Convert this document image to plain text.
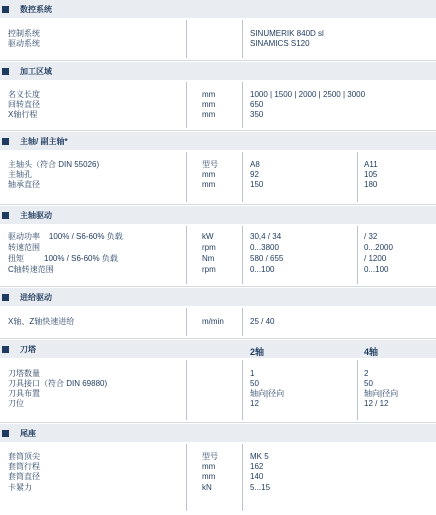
数控系统
控制系统	SINUMERIK 840D sl
驱动系统	SINAMICS S120
加工区域
名义长度	mm	1000 | 1500 | 2000 | 2500 | 3000
回转直径	mm	650
X轴行程	mm	350
主轴/ 副主轴*
主轴头（符合 DIN 55026)	型号	A8	A11
主轴孔	mm	92	105
轴承直径	mm	150	180
主轴驱动
驱动功率    100% / S6-60% 负载	kW	30,4 / 34	/ 32
转速范围	rpm	0...3800	0...2000
扭矩         100% / S6-60% 负载	Nm	580 / 655	/ 1200
C轴转速范围	rpm	0...100	0...100
进给驱动
X轴、Z轴快速进给	m/min	25 / 40
刀塔	2轴	4轴
刀塔数量	1	2
刀具接口（符合 DIN 69880)	50	50
刀具布置	轴向|径向	轴向|径向
刀位	12	12 / 12
尾座
套筒顶尖	型号	MK 5
套筒行程	mm	162
套筒直径	mm	140
卡紧力	kN	5...15
